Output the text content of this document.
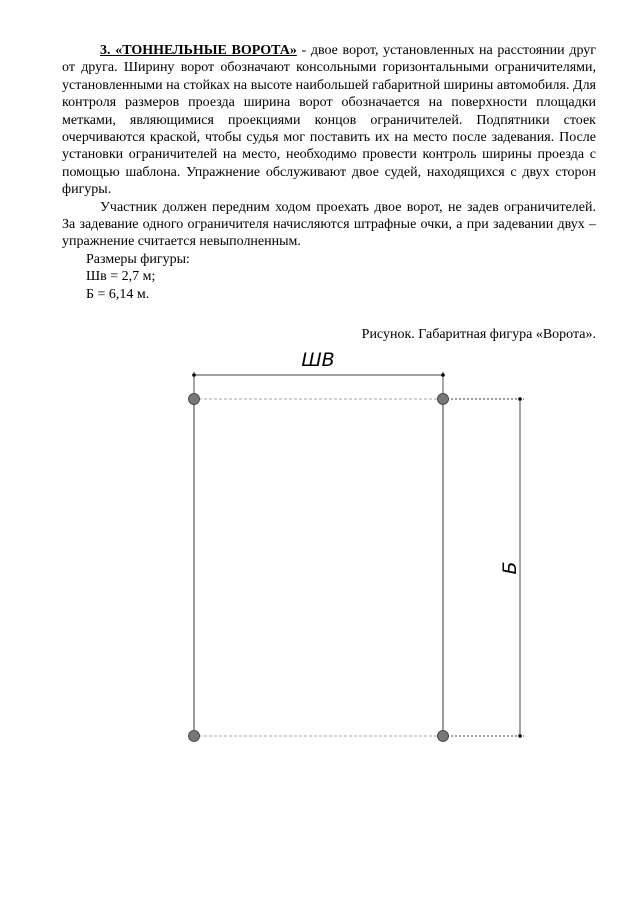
3. «ТОННЕЛЬНЫЕ ВОРОТА» - двое ворот, установленных на расстоянии друг от друга. Ширину ворот обозначают консольными горизонтальными ограничителями, установленными на стойках на высоте наибольшей габаритной ширины автомобиля. Для контроля размеров проезда ширина ворот обозначается на поверхности площадки метками, являющимися проекциями концов ограничителей. Подпятники стоек очерчиваются краской, чтобы судья мог поставить их на место после задевания. После установки ограничителей на место, необходимо провести контроль ширины проезда с помощью шаблона. Упражнение обслуживают двое судей, находящихся с двух сторон фигуры.

Участник должен передним ходом проехать двое ворот, не задев ограничителей. За задевание одного ограничителя начисляются штрафные очки, а при задевании двух – упражнение считается невыполненным.

Размеры фигуры:

Шв = 2,7 м;

Б = 6,14 м.

Рисунок. Габаритная фигура «Ворота».
ШВ
Б
